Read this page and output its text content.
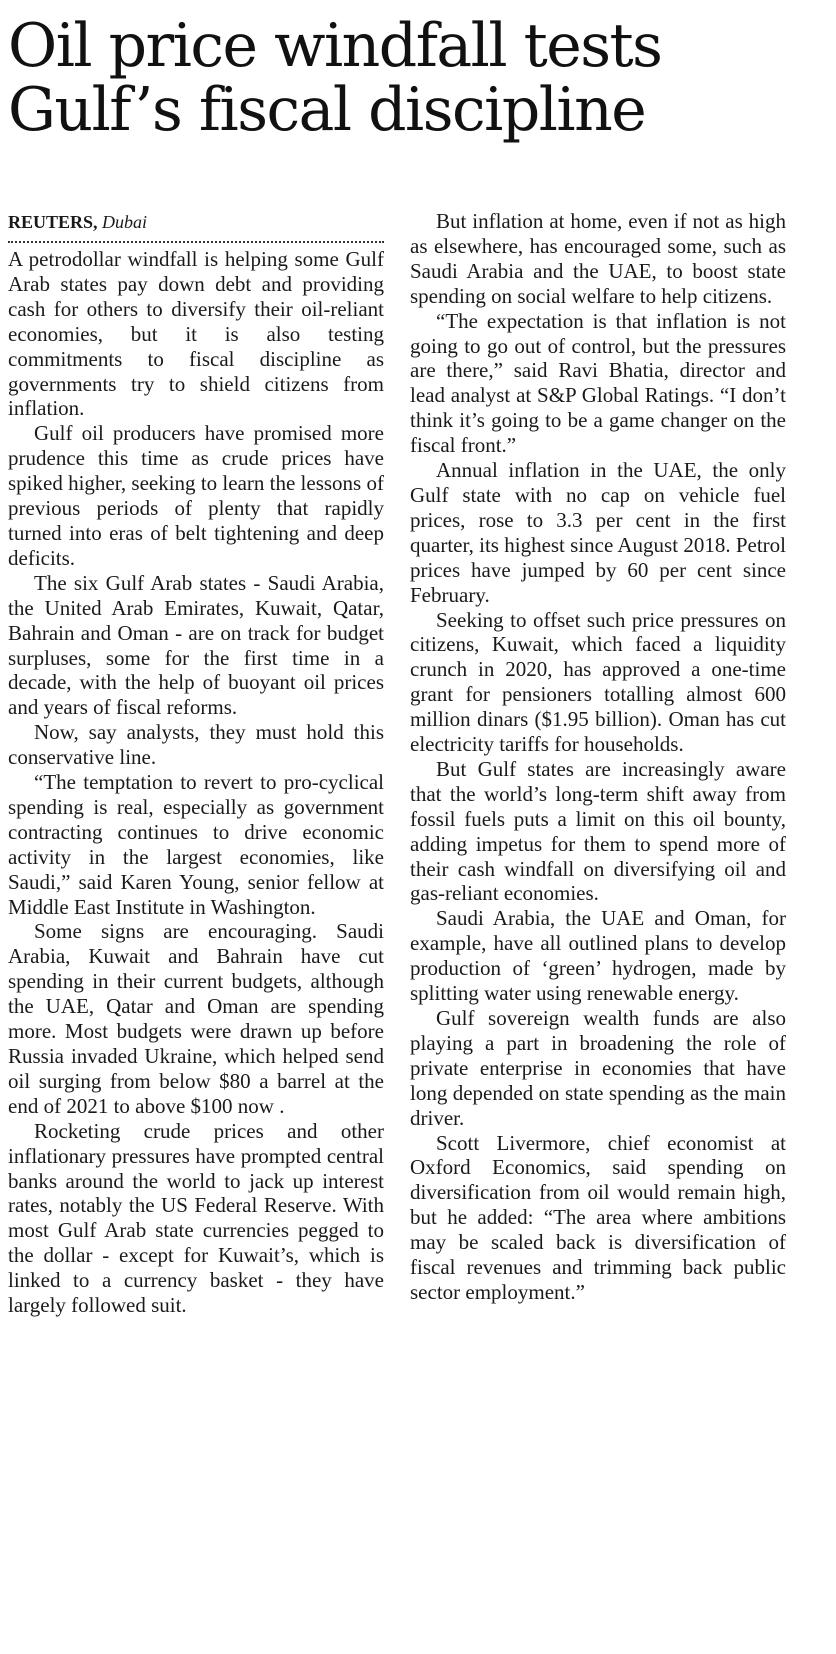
Oil price windfall tests Gulf’s fiscal discipline
REUTERS, Dubai

A petrodollar windfall is helping some Gulf Arab states pay down debt and providing cash for others to diversify their oil-reliant economies, but it is also testing commitments to fiscal discipline as governments try to shield citizens from inflation.

Gulf oil producers have promised more prudence this time as crude prices have spiked higher, seeking to learn the lessons of previous periods of plenty that rapidly turned into eras of belt tightening and deep deficits.

The six Gulf Arab states - Saudi Arabia, the United Arab Emirates, Kuwait, Qatar, Bahrain and Oman - are on track for budget surpluses, some for the first time in a decade, with the help of buoyant oil prices and years of fiscal reforms.

Now, say analysts, they must hold this conservative line.

“The temptation to revert to pro-cyclical spending is real, especially as government contracting continues to drive economic activity in the largest economies, like Saudi,” said Karen Young, senior fellow at Middle East Institute in Washington.

Some signs are encouraging. Saudi Arabia, Kuwait and Bahrain have cut spending in their current budgets, although the UAE, Qatar and Oman are spending more. Most budgets were drawn up before Russia invaded Ukraine, which helped send oil surging from below $80 a barrel at the end of 2021 to above $100 now .

Rocketing crude prices and other inflationary pressures have prompted central banks around the world to jack up interest rates, notably the US Federal Reserve. With most Gulf Arab state currencies pegged to the dollar - except for Kuwait’s, which is linked to a currency basket - they have largely followed suit.

But inflation at home, even if not as high as elsewhere, has encouraged some, such as Saudi Arabia and the UAE, to boost state spending on social welfare to help citizens.

“The expectation is that inflation is not going to go out of control, but the pressures are there,” said Ravi Bhatia, director and lead analyst at S&P Global Ratings. “I don’t think it’s going to be a game changer on the fiscal front.”

Annual inflation in the UAE, the only Gulf state with no cap on vehicle fuel prices, rose to 3.3 per cent in the first quarter, its highest since August 2018. Petrol prices have jumped by 60 per cent since February.

Seeking to offset such price pressures on citizens, Kuwait, which faced a liquidity crunch in 2020, has approved a one-time grant for pensioners totalling almost 600 million dinars ($1.95 billion). Oman has cut electricity tariffs for households.

But Gulf states are increasingly aware that the world’s long-term shift away from fossil fuels puts a limit on this oil bounty, adding impetus for them to spend more of their cash windfall on diversifying oil and gas-reliant economies.

Saudi Arabia, the UAE and Oman, for example, have all outlined plans to develop production of ‘green’ hydrogen, made by splitting water using renewable energy.

Gulf sovereign wealth funds are also playing a part in broadening the role of private enterprise in economies that have long depended on state spending as the main driver.

Scott Livermore, chief economist at Oxford Economics, said spending on diversification from oil would remain high, but he added: “The area where ambitions may be scaled back is diversification of fiscal revenues and trimming back public sector employment.”
